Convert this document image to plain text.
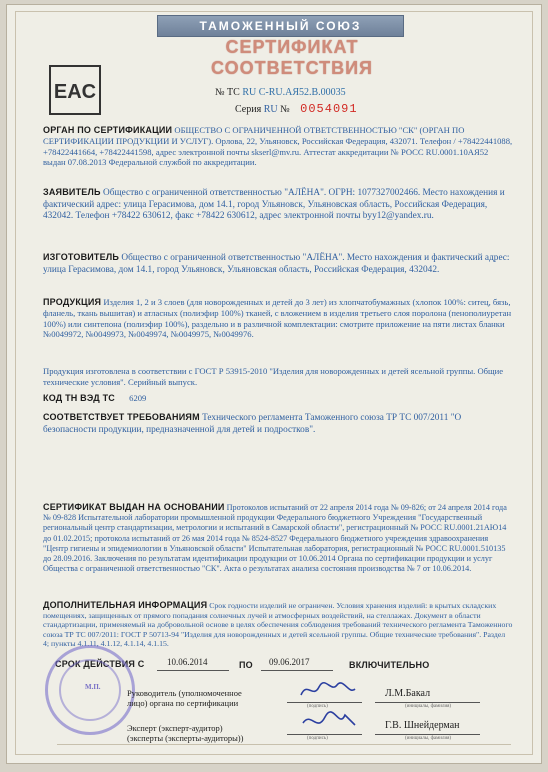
ТАМОЖЕННЫЙ СОЮЗ
СЕРТИФИКАТ СООТВЕТСТВИЯ
EAC	№ ТС RU C-RU.АЯ52.В.00035
Серия RU № 0054091
ОРГАН ПО СЕРТИФИКАЦИИ ОБЩЕСТВО С ОГРАНИЧЕННОЙ ОТВЕТСТВЕННОСТЬЮ "СК" (ОРГАН ПО СЕРТИФИКАЦИИ ПРОДУКЦИИ И УСЛУГ). Орлова, 22, Ульяновск, Российская Федерация, 432071. Телефон / +78422441088, +78422441664, +78422441598, адрес электронной почты skserl@mv.ru. Аттестат аккредитации № РОСС RU.0001.10АЯ52 выдан 07.08.2013 Федеральной службой по аккредитации.
ЗАЯВИТЕЛЬ Общество с ограниченной ответственностью "АЛЁНА". ОГРН: 1077327002466. Место нахождения и фактический адрес: улица Герасимова, дом 14.1, город Ульяновск, Ульяновская область, Российская Федерация, 432042. Телефон +78422 630612, факс +78422 630612, адрес электронной почты byy12@yandex.ru.
ИЗГОТОВИТЕЛЬ Общество с ограниченной ответственностью "АЛЁНА". Место нахождения и фактический адрес: улица Герасимова, дом 14.1, город Ульяновск, Ульяновская область, Российская Федерация, 432042.
ПРОДУКЦИЯ Изделия 1, 2 и 3 слоев (для новорожденных и детей до 3 лет) из хлопчатобумажных (хлопок 100%: ситец, бязь, фланель, ткань вышитая) и атласных (полиэфир 100%) тканей, с вложением в изделия третьего слоя поролона (пенополиуретан 100%) или синтепона (полиэфир 100%), раздельно и в различной комплектации: смотрите приложение на пяти листах бланки №0049972, №0049973, №0049974, №0049975, №0049976.
Продукция изготовлена в соответствии с ГОСТ Р 53915-2010 "Изделия для новорожденных и детей ясельной группы. Общие технические условия". Серийный выпуск.
КОД ТН ВЭД ТС 6209
СООТВЕТСТВУЕТ ТРЕБОВАНИЯМ Технического регламента Таможенного союза ТР ТС 007/2011 "О безопасности продукции, предназначенной для детей и подростков".
СЕРТИФИКАТ ВЫДАН НА ОСНОВАНИИ Протоколов испытаний от 22 апреля 2014 года № 09-826; от 24 апреля 2014 года № 09-828 Испытательной лаборатории промышленной продукции Федерального бюджетного Учреждения "Государственный региональный центр стандартизации, метрологии и испытаний в Самарской области", регистрационный № РОСС RU.0001.21АЮ14 до 01.02.2015; протокола испытаний от 26 мая 2014 года № 8524-8527 Федерального бюджетного учреждения здравоохранения "Центр гигиены и эпидемиологии в Ульяновской области" Испытательная лаборатория, регистрационный № РОСС RU.0001.510135 до 28.09.2016. Заключения по результатам идентификации продукции от 10.06.2014 Органа по сертификации продукции и услуг Общества с ограниченной ответственностью "СК". Акта о результатах анализа состояния производства № 7 от 10.06.2014.
ДОПОЛНИТЕЛЬНАЯ ИНФОРМАЦИЯ Срок годности изделий не ограничен. Условия хранения изделий: в крытых складских помещениях, защищенных от прямого попадания солнечных лучей и атмосферных воздействий, на стеллажах. Документ в области стандартизации, применяемый на добровольной основе в целях обеспечения соблюдения требований технического регламента Таможенного союза ТР ТС 007/2011: ГОСТ Р 50713-94 "Изделия для новорожденных и детей ясельной группы. Общие технические требования". Раздел 4; пункты 4.1.11, 4.1.12, 4.1.14, 4.1.15.
СРОК ДЕЙСТВИЯ С	10.06.2014	ПО 09.06.2017	ВКЛЮЧИТЕЛЬНО
М.П.
Руководитель (уполномоченное
лицо) органа по сертификации	(подпись)
Л.М.Бакал
(инициалы, фамилия)
Эксперт (эксперт-аудитор)
(эксперты (эксперты-аудиторы))	(подпись)
Г.В. Шнейдерман
(инициалы, фамилия)
